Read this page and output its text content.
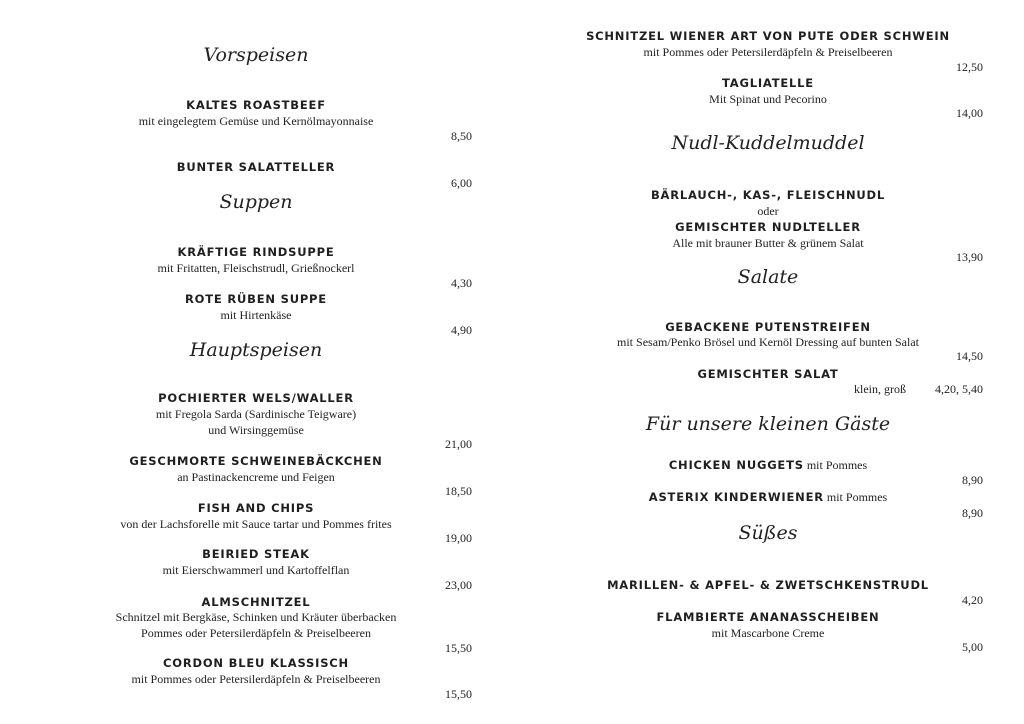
Vorspeisen
KALTES ROASTBEEF
mit eingelegtem Gemüse und Kernölmayonnaise
8,50
BUNTER SALATTELLER
6,00
Suppen
KRÄFTIGE RINDSUPPE
mit Fritatten, Fleischstrudl, Grießnockerl
4,30
ROTE RÜBEN SUPPE
mit Hirtenkäse
4,90
Hauptspeisen
POCHIERTER WELS/WALLER
mit Fregola Sarda (Sardinische Teigware)
und Wirsinggemüse
21,00
GESCHMORTE SCHWEINEBÄCKCHEN
an Pastinackencreme und Feigen
18,50
FISH AND CHIPS
von der Lachsforelle mit Sauce tartar und Pommes frites
19,00
BEIRIED STEAK
mit Eierschwammerl und Kartoffelflan
23,00
ALMSCHNITZEL
Schnitzel mit Bergkäse, Schinken und Kräuter überbacken
Pommes oder Petersilerdäpfeln & Preiselbeeren
15,50
CORDON BLEU KLASSISCH
mit Pommes oder Petersilerdäpfeln & Preiselbeeren
15,50
SCHNITZEL WIENER ART VON PUTE ODER SCHWEIN
mit Pommes oder Petersilerdäpfeln & Preiselbeeren
12,50
TAGLIATELLE
Mit Spinat und Pecorino
14,00
Nudl-Kuddelmuddel
BÄRLAUCH-, KAS-, FLEISCHNUDL
oder
GEMISCHTER NUDLTELLER
Alle mit brauner Butter & grünem Salat
13,90
Salate
GEBACKENE PUTENSTREIFEN
mit Sesam/Penko Brösel und Kernöl Dressing auf bunten Salat
14,50
GEMISCHTER SALAT
klein, groß	4,20, 5,40
Für unsere kleinen Gäste
CHICKEN NUGGETS mit Pommes
8,90
ASTERIX KINDERWIENER mit Pommes
8,90
Süßes
MARILLEN- & APFEL- & ZWETSCHKENSTRUDL
4,20
FLAMBIERTE ANANASSCHEIBEN
mit Mascarbone Creme
5,00
